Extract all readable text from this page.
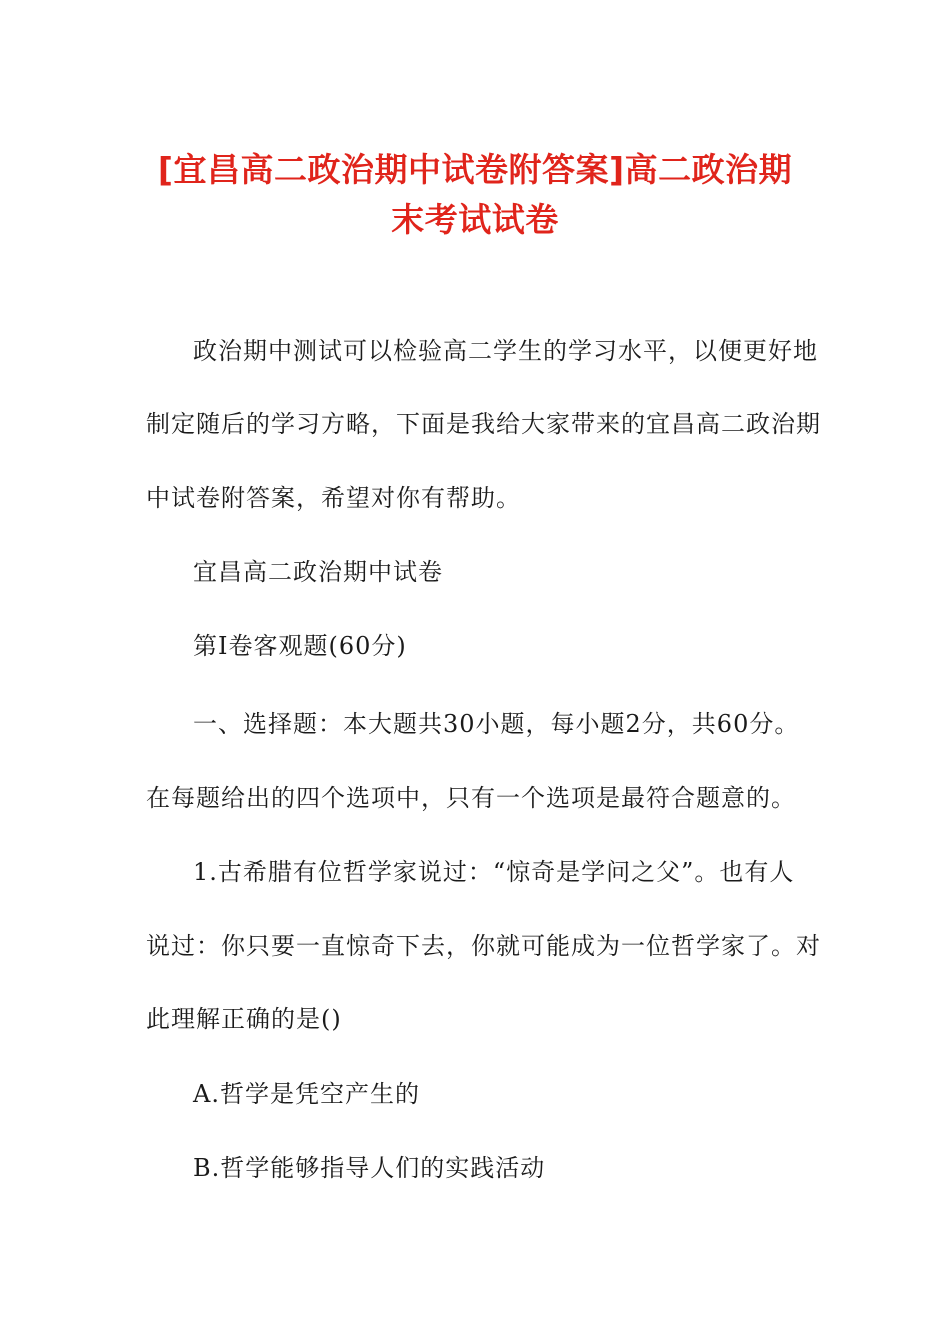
[宜昌高二政治期中试卷附答案]高二政治期
末考试试卷
政治期中测试可以检验高二学生的学习水平，以便更好地
制定随后的学习方略，下面是我给大家带来的宜昌高二政治期
中试卷附答案，希望对你有帮助。
宜昌高二政治期中试卷
第Ⅰ卷客观题(60分)
一、选择题：本大题共30小题，每小题2分，共60分。
在每题给出的四个选项中，只有一个选项是最符合题意的。
1.古希腊有位哲学家说过：“惊奇是学问之父”。也有人
说过：你只要一直惊奇下去，你就可能成为一位哲学家了。对
此理解正确的是()
A.哲学是凭空产生的
B.哲学能够指导人们的实践活动
